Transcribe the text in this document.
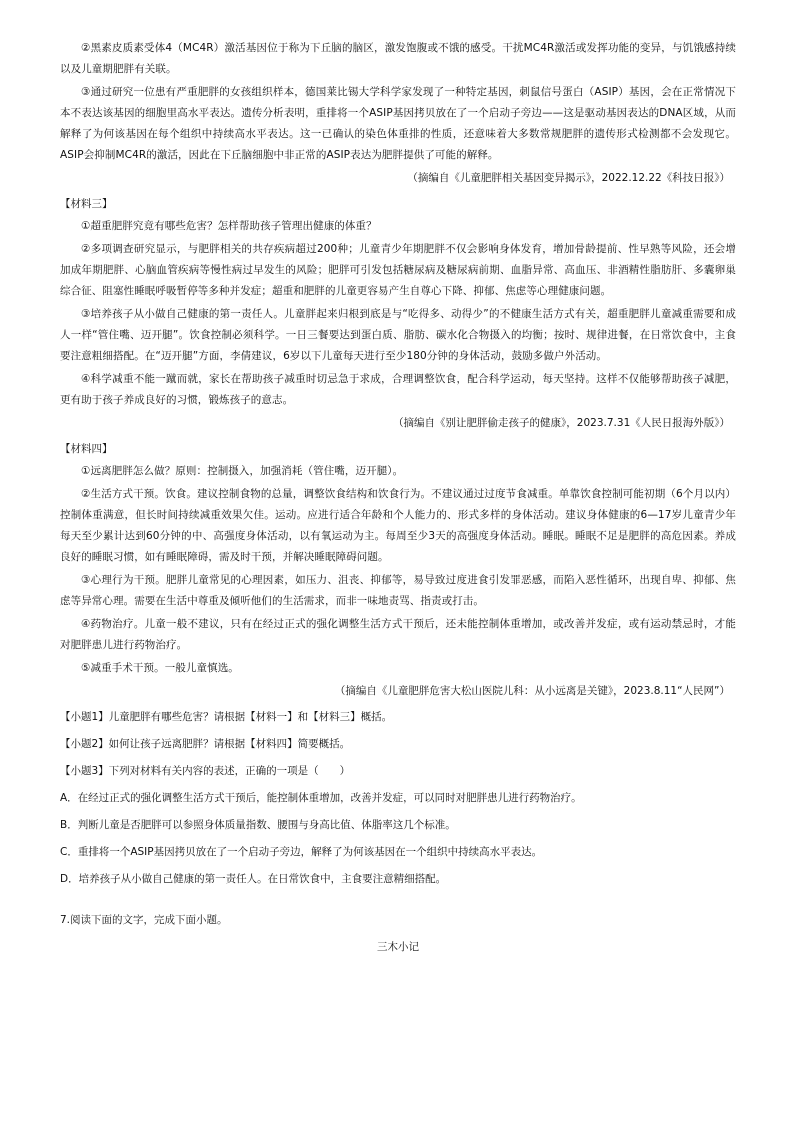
②黑素皮质素受体4（MC4R）激活基因位于称为下丘脑的脑区，激发饱腹或不饿的感受。干扰MC4R激活或发挥功能的变异，与饥饿感持续以及儿童期肥胖有关联。

③通过研究一位患有严重肥胖的女孩组织样本，德国莱比锡大学科学家发现了一种特定基因，刺鼠信号蛋白（ASIP）基因，会在正常情况下本不表达该基因的细胞里高水平表达。遗传分析表明，重排将一个ASIP基因拷贝放在了一个启动子旁边——这是驱动基因表达的DNA区域，从而解释了为何该基因在每个组织中持续高水平表达。这一已确认的染色体重排的性质，还意味着大多数常规肥胖的遗传形式检测都不会发现它。ASIP会抑制MC4R的激活，因此在下丘脑细胞中非正常的ASIP表达为肥胖提供了可能的解释。

（摘编自《儿童肥胖相关基因变异揭示》，2022.12.22《科技日报》）
【材料三】

①超重肥胖究竟有哪些危害？怎样帮助孩子管理出健康的体重？

②多项调查研究显示，与肥胖相关的共存疾病超过200种；儿童青少年期肥胖不仅会影响身体发育，增加骨龄提前、性早熟等风险，还会增加成年期肥胖、心脑血管疾病等慢性病过早发生的风险；肥胖可引发包括糖尿病及糖尿病前期、血脂异常、高血压、非酒精性脂肪肝、多囊卵巢综合征、阻塞性睡眠呼吸暂停等多种并发症；超重和肥胖的儿童更容易产生自尊心下降、抑郁、焦虑等心理健康问题。

③培养孩子从小做自己健康的第一责任人。儿童胖起来归根到底是与“吃得多、动得少”的不健康生活方式有关，超重肥胖儿童减重需要和成人一样“管住嘴、迈开腿”。饮食控制必须科学。一日三餐要达到蛋白质、脂肪、碳水化合物摄入的均衡；按时、规律进餐，在日常饮食中，主食要注意粗细搭配。在“迈开腿”方面，李倩建议，6岁以下儿童每天进行至少180分钟的身体活动，鼓励多做户外活动。

④科学减重不能一蹴而就，家长在帮助孩子减重时切忌急于求成，合理调整饮食，配合科学运动，每天坚持。这样不仅能够帮助孩子减肥，更有助于孩子养成良好的习惯，锻炼孩子的意志。

（摘编自《别让肥胖偷走孩子的健康》，2023.7.31《人民日报海外版》）
【材料四】

①远离肥胖怎么做？原则：控制摄入，加强消耗（管住嘴，迈开腿）。

②生活方式干预。饮食。建议控制食物的总量，调整饮食结构和饮食行为。不建议通过过度节食减重。单靠饮食控制可能初期（6个月以内）控制体重满意，但长时间持续减重效果欠佳。运动。应进行适合年龄和个人能力的、形式多样的身体活动。建议身体健康的6—17岁儿童青少年每天至少累计达到60分钟的中、高强度身体活动，以有氧运动为主。每周至少3天的高强度身体活动。睡眠。睡眠不足是肥胖的高危因素。养成良好的睡眠习惯，如有睡眠障碍，需及时干预，并解决睡眠障碍问题。

③心理行为干预。肥胖儿童常见的心理因素，如压力、沮丧、抑郁等，易导致过度进食引发罪恶感，而陷入恶性循环，出现自卑、抑郁、焦虑等异常心理。需要在生活中尊重及倾听他们的生活需求，而非一味地责骂、指责或打击。

④药物治疗。儿童一般不建议，只有在经过正式的强化调整生活方式干预后，还未能控制体重增加，或改善并发症，或有运动禁忌时，才能对肥胖患儿进行药物治疗。

⑤减重手术干预。一般儿童慎选。

（摘编自《儿童肥胖危害大松山医院儿科：从小远离是关键》，2023.8.11“人民网”）
【小题1】儿童肥胖有哪些危害？请根据【材料一】和【材料三】概括。
【小题2】如何让孩子远离肥胖？请根据【材料四】简要概括。
【小题3】下列对材料有关内容的表述，正确的一项是（　　）
A．在经过正式的强化调整生活方式干预后，能控制体重增加，改善并发症，可以同时对肥胖患儿进行药物治疗。
B．判断儿童是否肥胖可以参照身体质量指数、腰围与身高比值、体脂率这几个标准。
C．重排将一个ASIP基因拷贝放在了一个启动子旁边，解释了为何该基因在一个组织中持续高水平表达。
D．培养孩子从小做自己健康的第一责任人。在日常饮食中，主食要注意精细搭配。
7.阅读下面的文字，完成下面小题。
三木小记
